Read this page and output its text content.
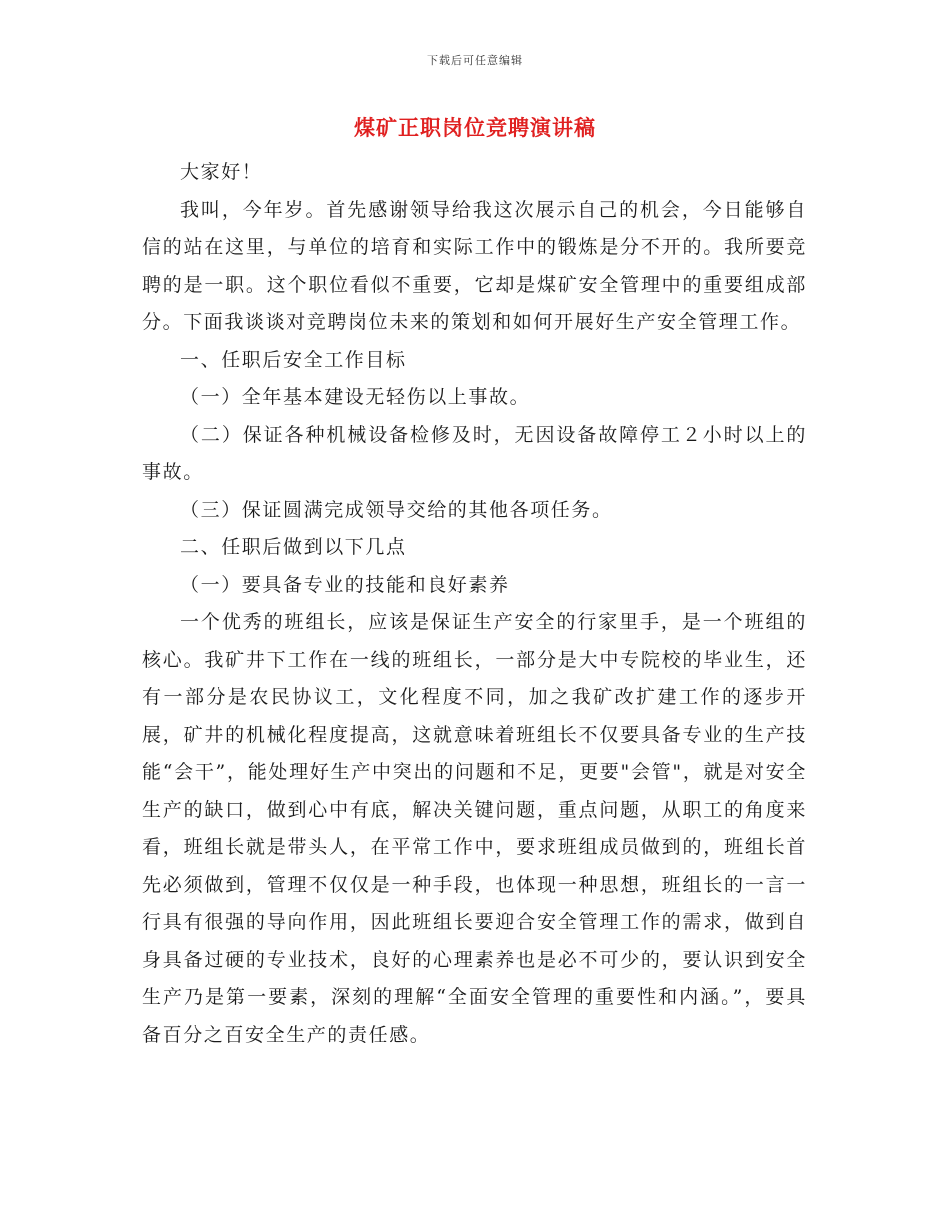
下载后可任意编辑
煤矿正职岗位竞聘演讲稿

大家好！

我叫，今年岁。首先感谢领导给我这次展示自己的机会，今日能够自信的站在这里，与单位的培育和实际工作中的锻炼是分不开的。我所要竞聘的是一职。这个职位看似不重要，它却是煤矿安全管理中的重要组成部分。下面我谈谈对竞聘岗位未来的策划和如何开展好生产安全管理工作。

一、任职后安全工作目标

（一）全年基本建设无轻伤以上事故。

（二）保证各种机械设备检修及时，无因设备故障停工２小时以上的事故。

（三）保证圆满完成领导交给的其他各项任务。

二、任职后做到以下几点

（一）要具备专业的技能和良好素养

一个优秀的班组长，应该是保证生产安全的行家里手，是一个班组的核心。我矿井下工作在一线的班组长，一部分是大中专院校的毕业生，还有一部分是农民协议工，文化程度不同，加之我矿改扩建工作的逐步开展，矿井的机械化程度提高，这就意味着班组长不仅要具备专业的生产技能“会干”，能处理好生产中突出的问题和不足，更要"会管"，就是对安全生产的缺口，做到心中有底，解决关键问题，重点问题，从职工的角度来看，班组长就是带头人，在平常工作中，要求班组成员做到的，班组长首先必须做到，管理不仅仅是一种手段，也体现一种思想，班组长的一言一行具有很强的导向作用，因此班组长要迎合安全管理工作的需求，做到自身具备过硬的专业技术，良好的心理素养也是必不可少的，要认识到安全生产乃是第一要素，深刻的理解“全面安全管理的重要性和内涵。”，要具备百分之百安全生产的责任感。
